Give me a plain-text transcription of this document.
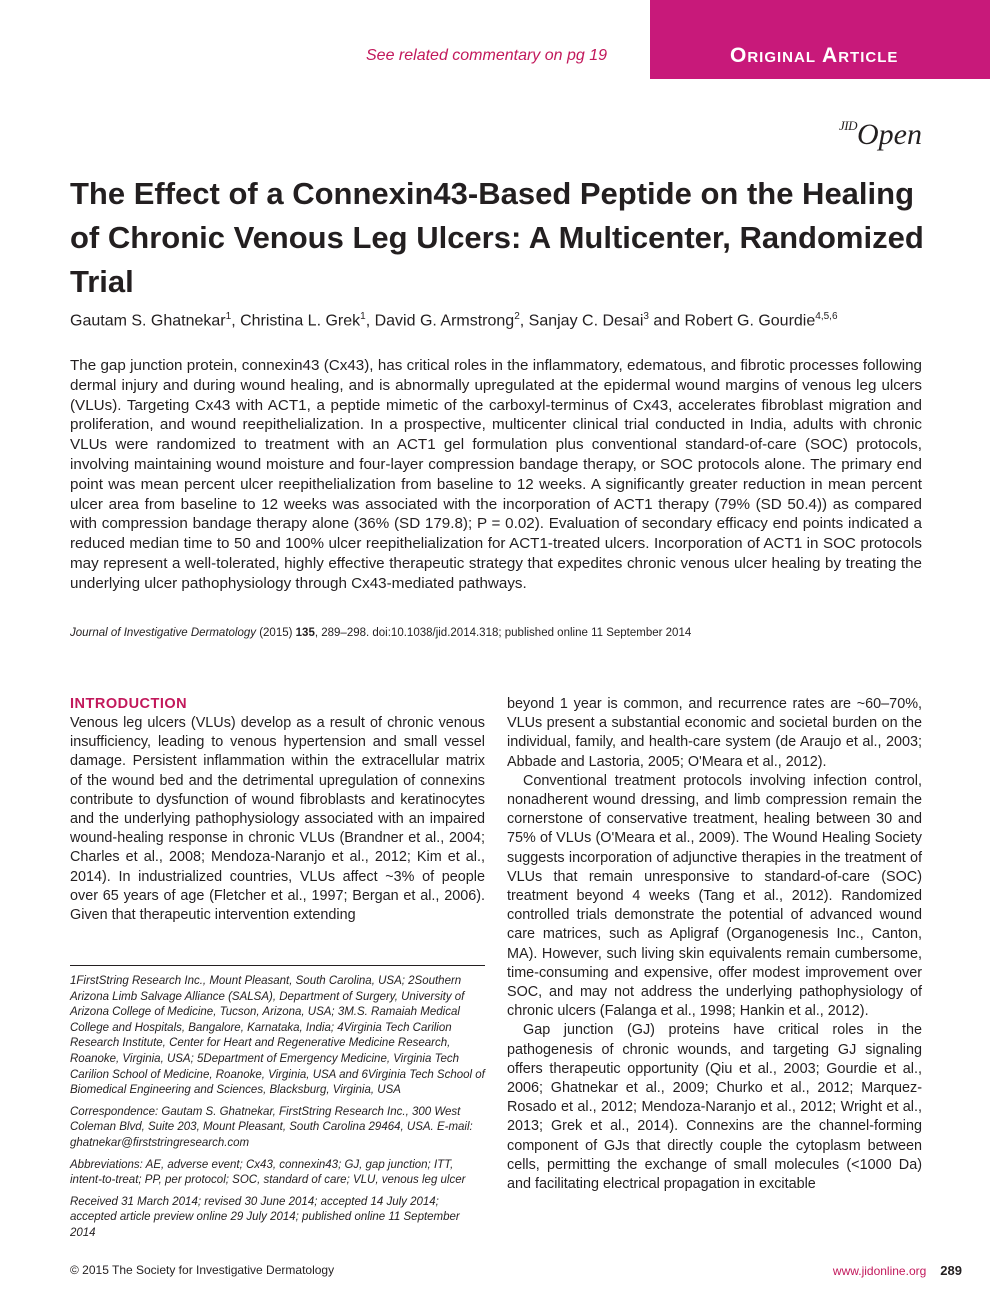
See related commentary on pg 19	Original Article
$^{JID}$Open
The Effect of a Connexin43-Based Peptide on the Healing of Chronic Venous Leg Ulcers: A Multicenter, Randomized Trial
Gautam S. Ghatnekar$^1$, Christina L. Grek$^1$, David G. Armstrong$^2$, Sanjay C. Desai$^3$ and Robert G. Gourdie$^{4,5,6}$

The gap junction protein, connexin43 (Cx43), has critical roles in the inflammatory, edematous, and fibrotic processes following dermal injury and during wound healing, and is abnormally upregulated at the epidermal wound margins of venous leg ulcers (VLUs). Targeting Cx43 with ACT1, a peptide mimetic of the carboxyl-terminus of Cx43, accelerates fibroblast migration and proliferation, and wound reepithelialization. In a prospective, multicenter clinical trial conducted in India, adults with chronic VLUs were randomized to treatment with an ACT1 gel formulation plus conventional standard-of-care (SOC) protocols, involving maintaining wound moisture and four-layer compression bandage therapy, or SOC protocols alone. The primary end point was mean percent ulcer reepithelialization from baseline to 12 weeks. A significantly greater reduction in mean percent ulcer area from baseline to 12 weeks was associated with the incorporation of ACT1 therapy (79% (SD 50.4)) as compared with compression bandage therapy alone (36% (SD 179.8); P = 0.02). Evaluation of secondary efficacy end points indicated a reduced median time to 50 and 100% ulcer reepithelialization for ACT1-treated ulcers. Incorporation of ACT1 in SOC protocols may represent a well-tolerated, highly effective therapeutic strategy that expedites chronic venous ulcer healing by treating the underlying ulcer pathophysiology through Cx43-mediated pathways.

Journal of Investigative Dermatology (2015) 135, 289–298. doi:10.1038/jid.2014.318; published online 11 September 2014
INTRODUCTION

Venous leg ulcers (VLUs) develop as a result of chronic venous insufficiency, leading to venous hypertension and small vessel damage. Persistent inflammation within the extracellular matrix of the wound bed and the detrimental upregulation of connexins contribute to dysfunction of wound fibroblasts and keratinocytes and the underlying pathophysiology associated with an impaired wound-healing response in chronic VLUs (Brandner et al., 2004; Charles et al., 2008; Mendoza-Naranjo et al., 2012; Kim et al., 2014). In industrialized countries, VLUs affect ~3% of people over 65 years of age (Fletcher et al., 1997; Bergan et al., 2006). Given that therapeutic intervention extending

beyond 1 year is common, and recurrence rates are ~60–70%, VLUs present a substantial economic and societal burden on the individual, family, and health-care system (de Araujo et al., 2003; Abbade and Lastoria, 2005; O'Meara et al., 2012).

Conventional treatment protocols involving infection control, nonadherent wound dressing, and limb compression remain the cornerstone of conservative treatment, healing between 30 and 75% of VLUs (O'Meara et al., 2009). The Wound Healing Society suggests incorporation of adjunctive therapies in the treatment of VLUs that remain unresponsive to standard-of-care (SOC) treatment beyond 4 weeks (Tang et al., 2012). Randomized controlled trials demonstrate the potential of advanced wound care matrices, such as Apligraf (Organogenesis Inc., Canton, MA). However, such living skin equivalents remain cumbersome, time-consuming and expensive, offer modest improvement over SOC, and may not address the underlying pathophysiology of chronic ulcers (Falanga et al., 1998; Hankin et al., 2012).

Gap junction (GJ) proteins have critical roles in the pathogenesis of chronic wounds, and targeting GJ signaling offers therapeutic opportunity (Qiu et al., 2003; Gourdie et al., 2006; Ghatnekar et al., 2009; Churko et al., 2012; Marquez-Rosado et al., 2012; Mendoza-Naranjo et al., 2012; Wright et al., 2013; Grek et al., 2014). Connexins are the channel-forming component of GJs that directly couple the cytoplasm between cells, permitting the exchange of small molecules (<1000 Da) and facilitating electrical propagation in excitable

1FirstString Research Inc., Mount Pleasant, South Carolina, USA; 2Southern Arizona Limb Salvage Alliance (SALSA), Department of Surgery, University of Arizona College of Medicine, Tucson, Arizona, USA; 3M.S. Ramaiah Medical College and Hospitals, Bangalore, Karnataka, India; 4Virginia Tech Carilion Research Institute, Center for Heart and Regenerative Medicine Research, Roanoke, Virginia, USA; 5Department of Emergency Medicine, Virginia Tech Carilion School of Medicine, Roanoke, Virginia, USA and 6Virginia Tech School of Biomedical Engineering and Sciences, Blacksburg, Virginia, USA

Correspondence: Gautam S. Ghatnekar, FirstString Research Inc., 300 West Coleman Blvd, Suite 203, Mount Pleasant, South Carolina 29464, USA. E-mail: ghatnekar@firststringresearch.com

Abbreviations: AE, adverse event; Cx43, connexin43; GJ, gap junction; ITT, intent-to-treat; PP, per protocol; SOC, standard of care; VLU, venous leg ulcer

Received 31 March 2014; revised 30 June 2014; accepted 14 July 2014; accepted article preview online 29 July 2014; published online 11 September 2014

© 2015 The Society for Investigative Dermatology	www.jidonline.org 289
